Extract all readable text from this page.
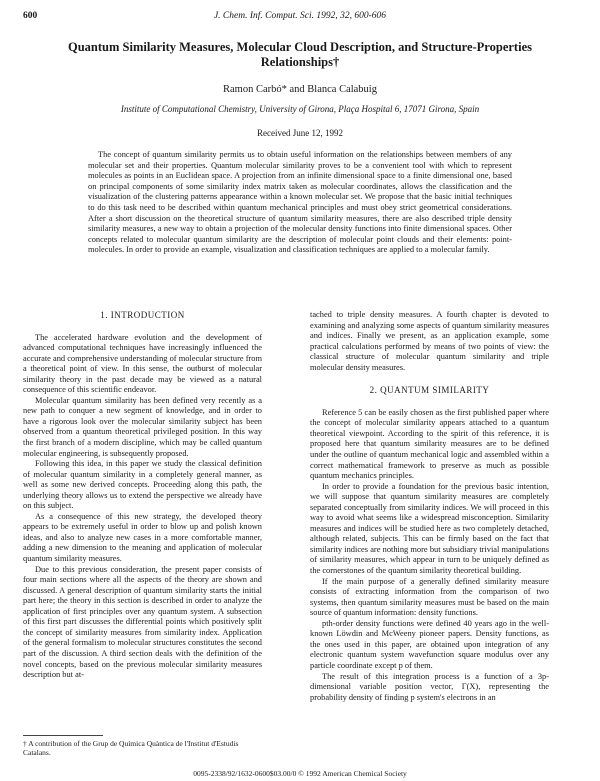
J. Chem. Inf. Comput. Sci. 1992, 32, 600-606
600
Quantum Similarity Measures, Molecular Cloud Description, and Structure-Properties Relationships†
Ramon Carbó* and Blanca Calabuig
Institute of Computational Chemistry, University of Girona, Plaça Hospital 6, 17071 Girona, Spain
Received June 12, 1992
The concept of quantum similarity permits us to obtain useful information on the relationships between members of any molecular set and their properties. Quantum molecular similarity proves to be a convenient tool with which to represent molecules as points in an Euclidean space. A projection from an infinite dimensional space to a finite dimensional one, based on principal components of some similarity index matrix taken as molecular coordinates, allows the classification and the visualization of the clustering patterns appearance within a known molecular set. We propose that the basic initial techniques to do this task need to be described within quantum mechanical principles and must obey strict geometrical considerations. After a short discussion on the theoretical structure of quantum similarity measures, there are also described triple density similarity measures, a new way to obtain a projection of the molecular density functions into finite dimensional spaces. Other concepts related to molecular quantum similarity are the description of molecular point clouds and their elements: point-molecules. In order to provide an example, visualization and classification techniques are applied to a molecular family.
1. INTRODUCTION

The accelerated hardware evolution and the development of advanced computational techniques have increasingly influenced the accurate and comprehensive understanding of molecular structure from a theoretical point of view. In this sense, the outburst of molecular similarity theory in the past decade may be viewed as a natural consequence of this scientific endeavor.

Molecular quantum similarity has been defined very recently as a new path to conquer a new segment of knowledge, and in order to have a rigorous look over the molecular similarity subject has been observed from a quantum theoretical privileged position. In this way the first branch of a modern discipline, which may be called quantum molecular engineering, is subsequently proposed.

Following this idea, in this paper we study the classical definition of molecular quantum similarity in a completely general manner, as well as some new derived concepts. Proceeding along this path, the underlying theory allows us to extend the perspective we already have on this subject.

As a consequence of this new strategy, the developed theory appears to be extremely useful in order to blow up and polish known ideas, and also to analyze new cases in a more comfortable manner, adding a new dimension to the meaning and application of molecular quantum similarity measures.

Due to this previous consideration, the present paper consists of four main sections where all the aspects of the theory are shown and discussed. A general description of quantum similarity starts the initial part here; the theory in this section is described in order to analyze the application of first principles over any quantum system. A subsection of this first part discusses the differential points which positively split the concept of similarity measures from similarity index. Application of the general formalism to molecular structures constitutes the second part of the discussion. A third section deals with the definition of the novel concepts, based on the previous molecular similarity measures description but at-

tached to triple density measures. A fourth chapter is devoted to examining and analyzing some aspects of quantum similarity measures and indices. Finally we present, as an application example, some practical calculations performed by means of two points of view: the classical structure of molecular quantum similarity and triple molecular density measures.

2. QUANTUM SIMILARITY

Reference 5 can be easily chosen as the first published paper where the concept of molecular similarity appears attached to a quantum theoretical viewpoint. According to the spirit of this reference, it is proposed here that quantum similarity measures are to be defined under the outline of quantum mechanical logic and assembled within a correct mathematical framework to preserve as much as possible quantum mechanics principles.

In order to provide a foundation for the previous basic intention, we will suppose that quantum similarity measures are completely separated conceptually from similarity indices. We will proceed in this way to avoid what seems like a widespread misconception. Similarity measures and indices will be studied here as two completely detached, although related, subjects. This can be firmly based on the fact that similarity indices are nothing more but subsidiary trivial manipulations of similarity measures, which appear in turn to be uniquely defined as the cornerstones of the quantum similarity theoretical building.

If the main purpose of a generally defined similarity measure consists of extracting information from the comparison of two systems, then quantum similarity measures must be based on the main source of quantum information: density functions.

pth-order density functions were defined 40 years ago in the well-known Löwdin and McWeeny pioneer papers. Density functions, as the ones used in this paper, are obtained upon integration of any electronic quantum system wavefunction square modulus over any particle coordinate except p of them.

The result of this integration process is a function of a 3p-dimensional variable position vector, Γ(X), representing the probability density of finding p system's electrons in an

† A contribution of the Grup de Química Quàntica de l'Institut d'Estudis Catalans.
0095-2338/92/1632-0600$03.00/0 © 1992 American Chemical Society
